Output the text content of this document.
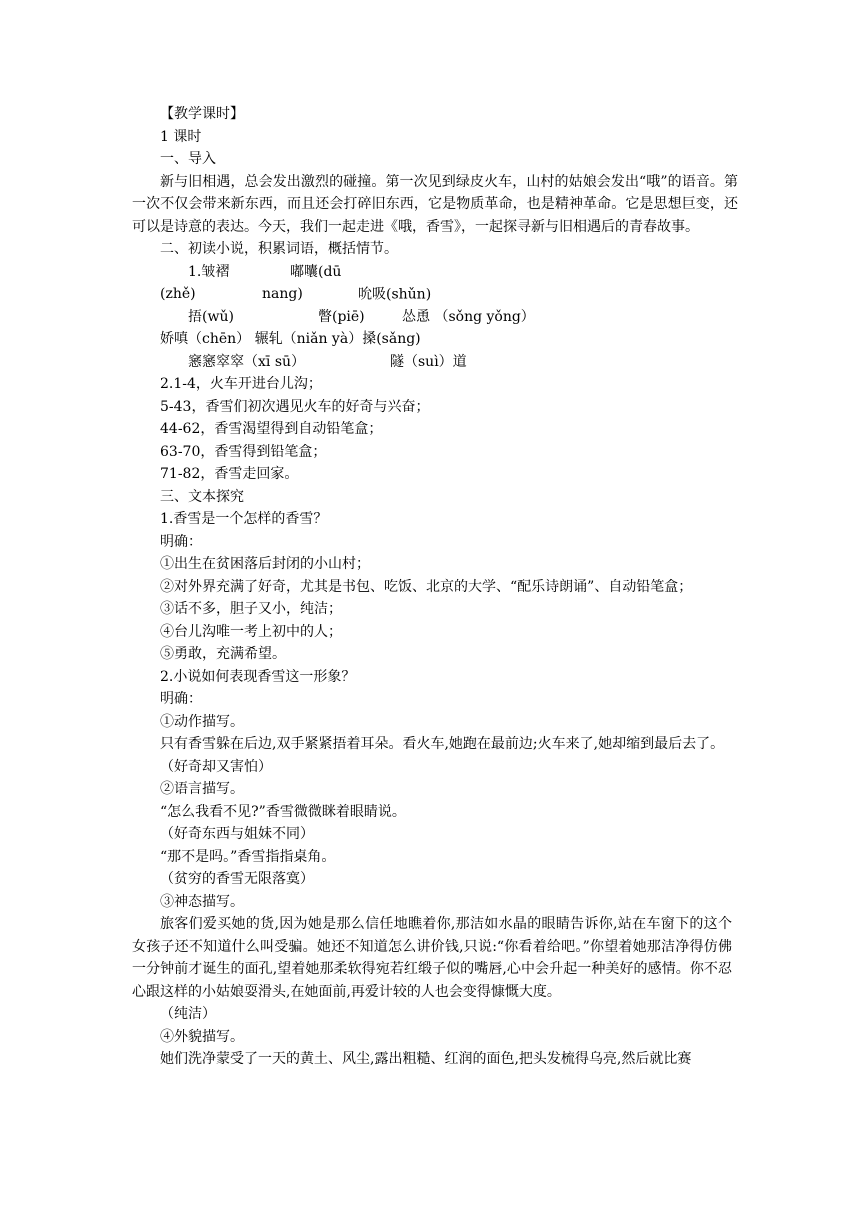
【教学课时】

1 课时

一、导入

新与旧相遇，总会发出激烈的碰撞。第一次见到绿皮火车，山村的姑娘会发出“哦”的语音。第一次不仅会带来新东西，而且还会打碎旧东西，它是物质革命，也是精神革命。它是思想巨变，还可以是诗意的表达。今天，我们一起走进《哦，香雪》，一起探寻新与旧相遇后的青春故事。

二、初读小说，积累词语，概括情节。

1.皱褶(zhě)嘟囔(dū nang)	吮吸(shǔn)

捂(wǔ)	瞥(piē)	怂恿 （sǒng yǒng）

娇嗔（chēn） 辗轧（niǎn yà）搡(sǎng)

窸窸窣窣（xī sū）	隧（suì）道

2.1-4，火车开进台儿沟；

5-43，香雪们初次遇见火车的好奇与兴奋；

44-62，香雪渴望得到自动铅笔盒；

63-70，香雪得到铅笔盒；

71-82，香雪走回家。

三、文本探究

1.香雪是一个怎样的香雪？

明确：

①出生在贫困落后封闭的小山村；

②对外界充满了好奇，尤其是书包、吃饭、北京的大学、“配乐诗朗诵”、自动铅笔盒；

③话不多，胆子又小，纯洁；

④台儿沟唯一考上初中的人；

⑤勇敢，充满希望。

2.小说如何表现香雪这一形象？

明确：

①动作描写。

只有香雪躲在后边,双手紧紧捂着耳朵。看火车,她跑在最前边;火车来了,她却缩到最后去了。

（好奇却又害怕）

②语言描写。

“怎么我看不见?”香雪微微眯着眼睛说。

（好奇东西与姐妹不同）

“那不是吗。”香雪指指桌角。

（贫穷的香雪无限落寞）

③神态描写。

旅客们爱买她的货,因为她是那么信任地瞧着你,那洁如水晶的眼睛告诉你,站在车窗下的这个女孩子还不知道什么叫受骗。她还不知道怎么讲价钱,只说:“你看着给吧。”你望着她那洁净得仿佛一分钟前才诞生的面孔,望着她那柔软得宛若红缎子似的嘴唇,心中会升起一种美好的感情。你不忍心跟这样的小姑娘耍滑头,在她面前,再爱计较的人也会变得慷慨大度。

（纯洁）

④外貌描写。

她们洗净蒙受了一天的黄土、风尘,露出粗糙、红润的面色,把头发梳得乌亮,然后就比赛
